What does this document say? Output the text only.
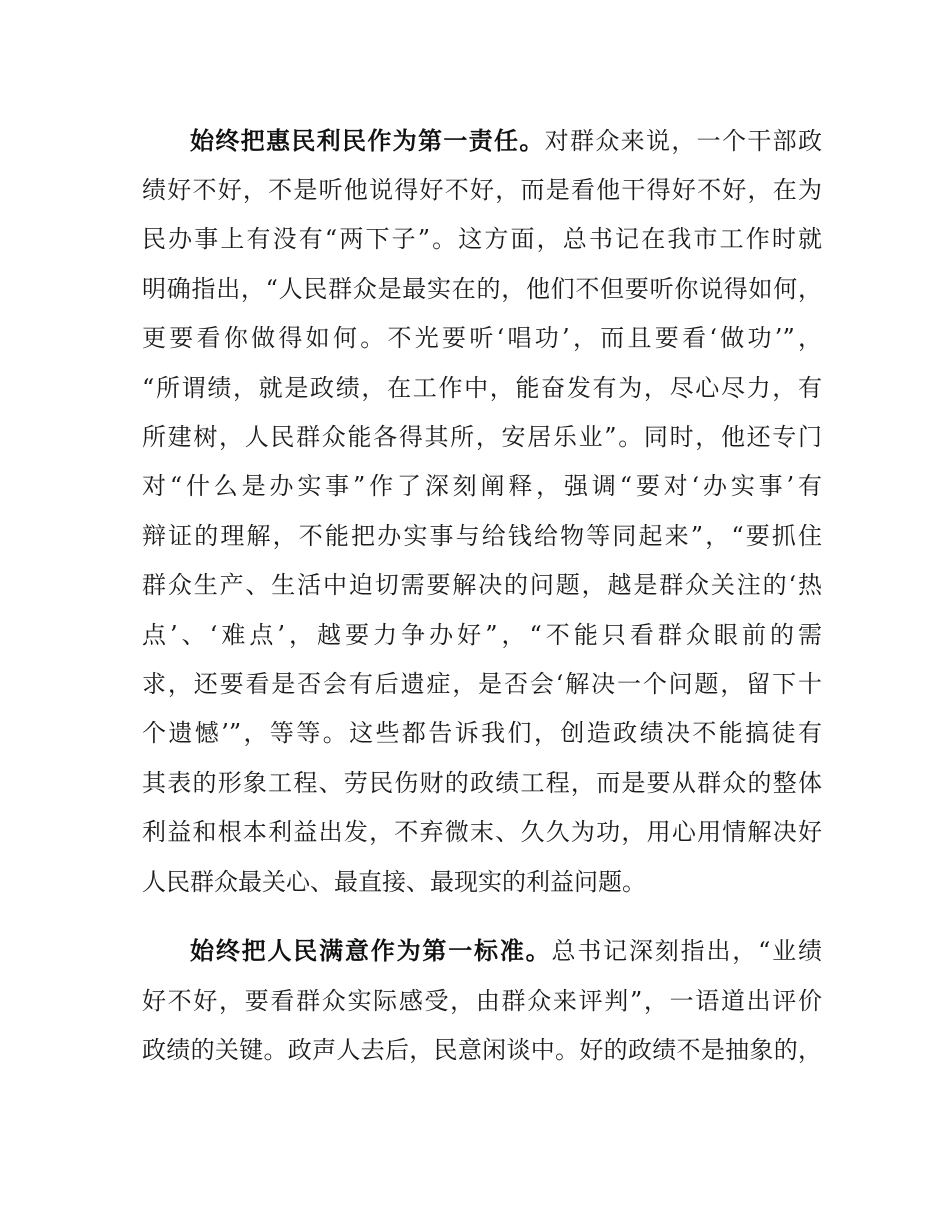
始终把惠民利民作为第一责任。对群众来说，一个干部政
绩好不好，不是听他说得好不好，而是看他干得好不好，在为
民办事上有没有“两下子”。这方面，总书记在我市工作时就
明确指出，“人民群众是最实在的，他们不但要听你说得如何，
更要看你做得如何。不光要听‘唱功’，而且要看‘做功’”，
“所谓绩，就是政绩，在工作中，能奋发有为，尽心尽力，有
所建树，人民群众能各得其所，安居乐业”。同时，他还专门
对“什么是办实事”作了深刻阐释，强调“要对‘办实事’有
辩证的理解，不能把办实事与给钱给物等同起来”，“要抓住
群众生产、生活中迫切需要解决的问题，越是群众关注的‘热
点’、‘难点’，越要力争办好”，“不能只看群众眼前的需
求，还要看是否会有后遗症，是否会‘解决一个问题，留下十
个遗憾’”，等等。这些都告诉我们，创造政绩决不能搞徒有
其表的形象工程、劳民伤财的政绩工程，而是要从群众的整体
利益和根本利益出发，不弃微末、久久为功，用心用情解决好
人民群众最关心、最直接、最现实的利益问题。
始终把人民满意作为第一标准。总书记深刻指出，“业绩
好不好，要看群众实际感受，由群众来评判”，一语道出评价
政绩的关键。政声人去后，民意闲谈中。好的政绩不是抽象的，
